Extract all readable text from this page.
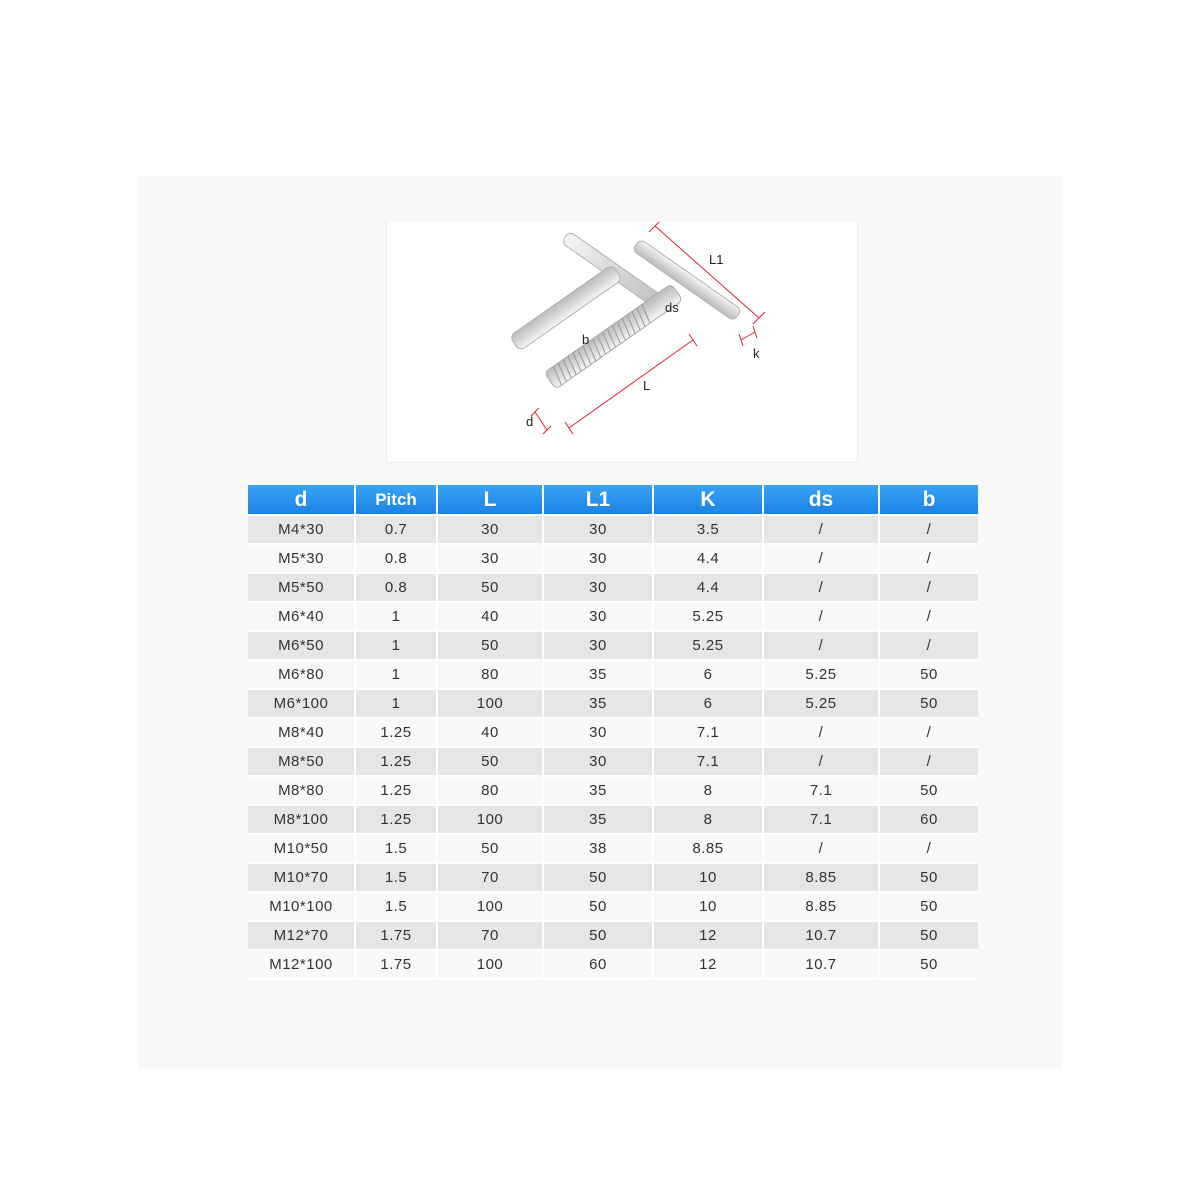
L1
ds
b
k
L
d
d	Pitch	L	L1	K	ds	b
M4*30	0.7	30	30	3.5	/	/
M5*30	0.8	30	30	4.4	/	/
M5*50	0.8	50	30	4.4	/	/
M6*40	1	40	30	5.25	/	/
M6*50	1	50	30	5.25	/	/
M6*80	1	80	35	6	5.25	50
M6*100	1	100	35	6	5.25	50
M8*40	1.25	40	30	7.1	/	/
M8*50	1.25	50	30	7.1	/	/
M8*80	1.25	80	35	8	7.1	50
M8*100	1.25	100	35	8	7.1	60
M10*50	1.5	50	38	8.85	/	/
M10*70	1.5	70	50	10	8.85	50
M10*100	1.5	100	50	10	8.85	50
M12*70	1.75	70	50	12	10.7	50
M12*100	1.75	100	60	12	10.7	50
